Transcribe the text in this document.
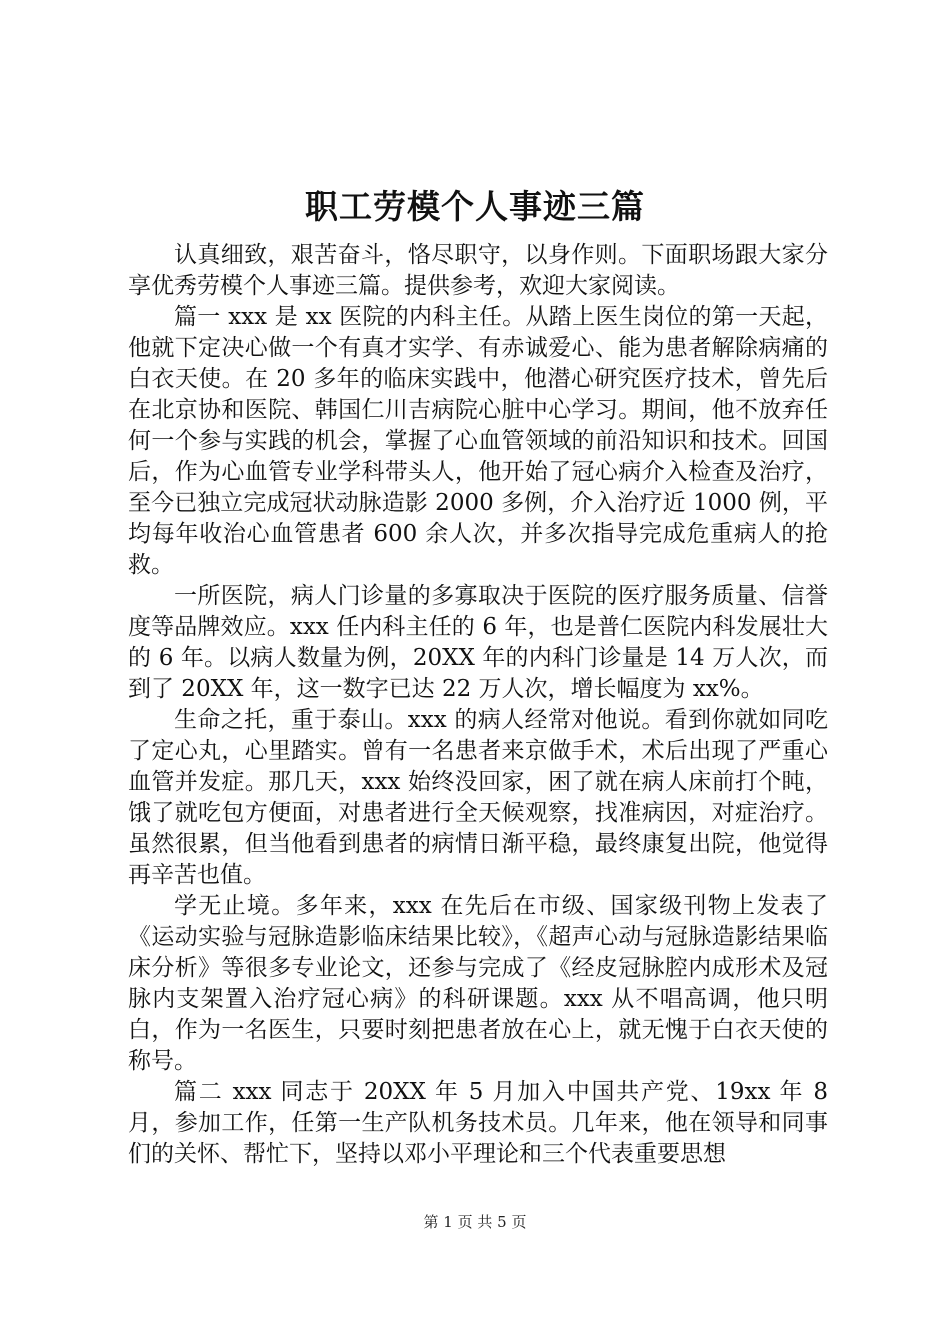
职工劳模个人事迹三篇

认真细致，艰苦奋斗，恪尽职守，以身作则。下面职场跟大家分享优秀劳模个人事迹三篇。提供参考，欢迎大家阅读。

篇一 xxx 是 xx 医院的内科主任。从踏上医生岗位的第一天起，他就下定决心做一个有真才实学、有赤诚爱心、能为患者解除病痛的白衣天使。在 20 多年的临床实践中，他潜心研究医疗技术，曾先后在北京协和医院、韩国仁川吉病院心脏中心学习。期间，他不放弃任何一个参与实践的机会，掌握了心血管领域的前沿知识和技术。回国后，作为心血管专业学科带头人，他开始了冠心病介入检查及治疗，至今已独立完成冠状动脉造影 2000 多例，介入治疗近 1000 例，平均每年收治心血管患者 600 余人次，并多次指导完成危重病人的抢救。

一所医院，病人门诊量的多寡取决于医院的医疗服务质量、信誉度等品牌效应。xxx 任内科主任的 6 年，也是普仁医院内科发展壮大的 6 年。以病人数量为例，20XX 年的内科门诊量是 14 万人次，而到了 20XX 年，这一数字已达 22 万人次，增长幅度为 xx%。

生命之托，重于泰山。xxx 的病人经常对他说。看到你就如同吃了定心丸，心里踏实。曾有一名患者来京做手术，术后出现了严重心血管并发症。那几天，xxx 始终没回家，困了就在病人床前打个盹，饿了就吃包方便面，对患者进行全天候观察，找准病因，对症治疗。虽然很累，但当他看到患者的病情日渐平稳，最终康复出院，他觉得再辛苦也值。

学无止境。多年来，xxx 在先后在市级、国家级刊物上发表了《运动实验与冠脉造影临床结果比较》，《超声心动与冠脉造影结果临床分析》等很多专业论文，还参与完成了《经皮冠脉腔内成形术及冠脉内支架置入治疗冠心病》的科研课题。xxx 从不唱高调，他只明白，作为一名医生，只要时刻把患者放在心上，就无愧于白衣天使的称号。

篇二 xxx 同志于 20XX 年 5 月加入中国共产党、19xx 年 8 月，参加工作，任第一生产队机务技术员。几年来，他在领导和同事们的关怀、帮忙下，坚持以邓小平理论和三个代表重要思想

第 1 页 共 5 页
